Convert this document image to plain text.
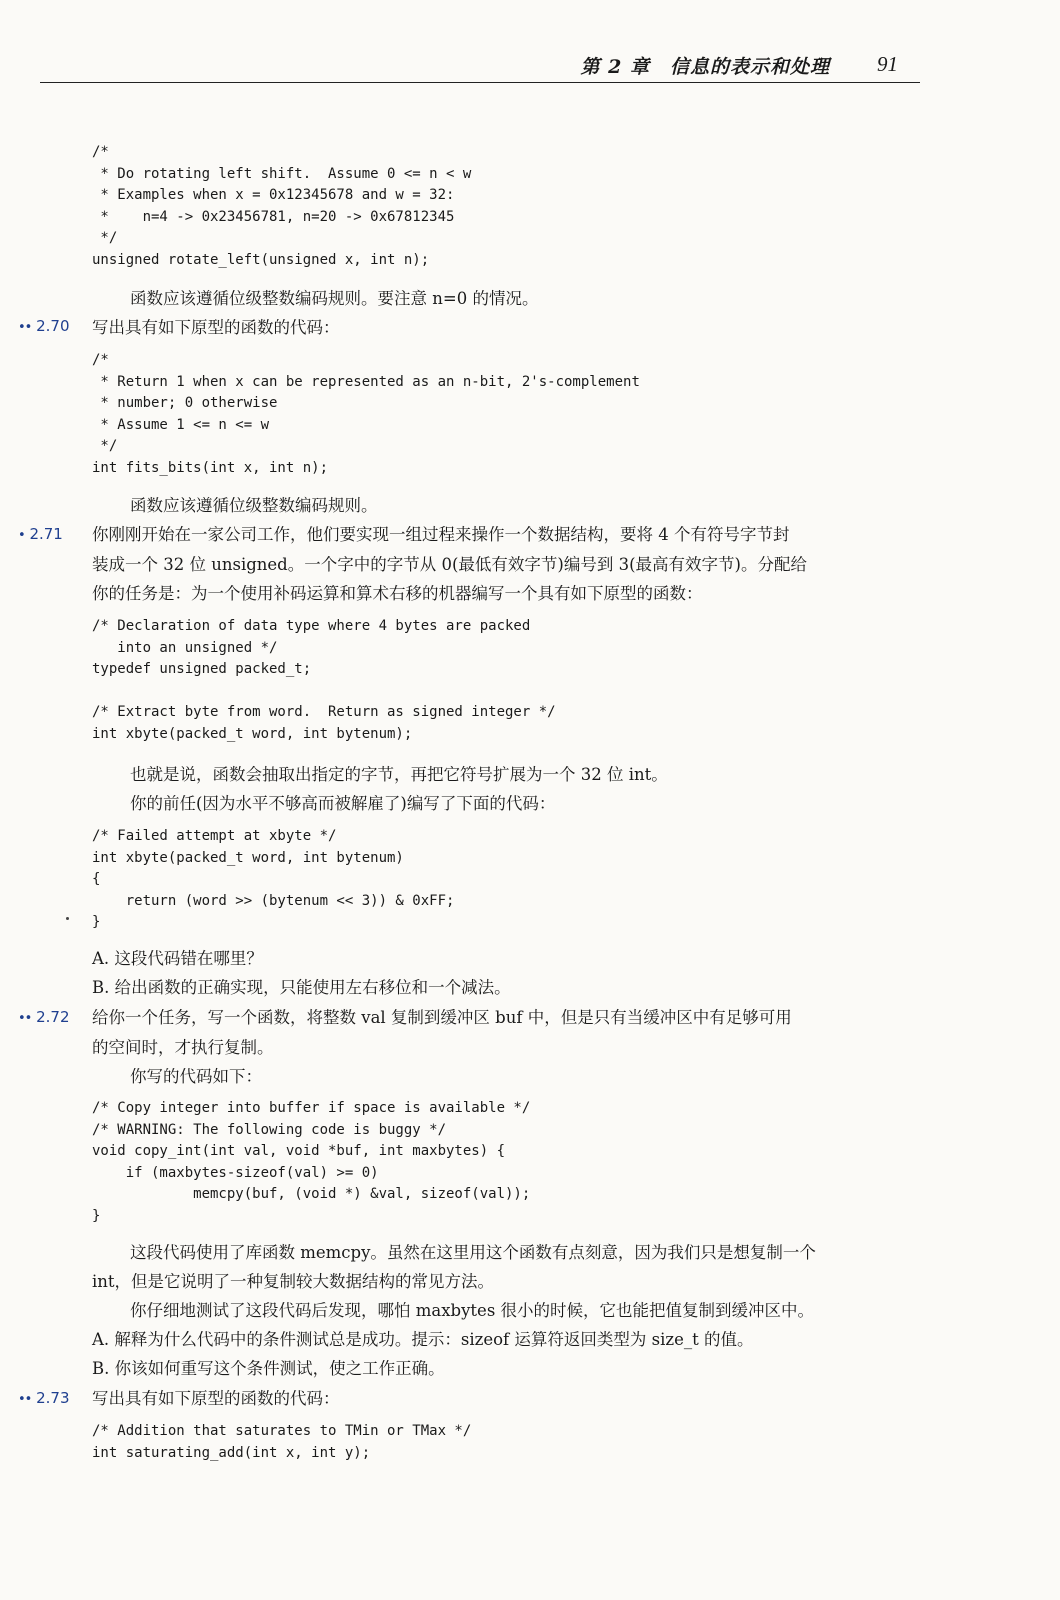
第 2 章　信息的表示和处理 91
/*
* Do rotating left shift.  Assume 0 <= n < w
* Examples when x = 0x12345678 and w = 32:
*    n=4 -> 0x23456781, n=20 -> 0x67812345
*/
unsigned rotate_left(unsigned x, int n);
函数应该遵循位级整数编码规则。要注意 n=0 的情况。
•• 2.70 写出具有如下原型的函数的代码：
/*
* Return 1 when x can be represented as an n-bit, 2's-complement
* number; 0 otherwise
* Assume 1 <= n <= w
*/
int fits_bits(int x, int n);
函数应该遵循位级整数编码规则。
• 2.71 你刚刚开始在一家公司工作，他们要实现一组过程来操作一个数据结构，要将 4 个有符号字节封
装成一个 32 位 unsigned。一个字中的字节从 0(最低有效字节)编号到 3(最高有效字节)。分配给
你的任务是：为一个使用补码运算和算术右移的机器编写一个具有如下原型的函数：
/* Declaration of data type where 4 bytes are packed
into an unsigned */
typedef unsigned packed_t;

/* Extract byte from word.  Return as signed integer */
int xbyte(packed_t word, int bytenum);
也就是说，函数会抽取出指定的字节，再把它符号扩展为一个 32 位 int。
你的前任(因为水平不够高而被解雇了)编写了下面的代码：
/* Failed attempt at xbyte */
int xbyte(packed_t word, int bytenum)
{
return (word >> (bytenum << 3)) & 0xFF;
}
A. 这段代码错在哪里？
B. 给出函数的正确实现，只能使用左右移位和一个减法。
•• 2.72 给你一个任务，写一个函数，将整数 val 复制到缓冲区 buf 中，但是只有当缓冲区中有足够可用
的空间时，才执行复制。
你写的代码如下：
/* Copy integer into buffer if space is available */
/* WARNING: The following code is buggy */
void copy_int(int val, void *buf, int maxbytes) {
if (maxbytes-sizeof(val) >= 0)
memcpy(buf, (void *) &val, sizeof(val));
}
这段代码使用了库函数 memcpy。虽然在这里用这个函数有点刻意，因为我们只是想复制一个
int，但是它说明了一种复制较大数据结构的常见方法。
你仔细地测试了这段代码后发现，哪怕 maxbytes 很小的时候，它也能把值复制到缓冲区中。
A. 解释为什么代码中的条件测试总是成功。提示：sizeof 运算符返回类型为 size_t 的值。
B. 你该如何重写这个条件测试，使之工作正确。
•• 2.73 写出具有如下原型的函数的代码：
/* Addition that saturates to TMin or TMax */
int saturating_add(int x, int y);
